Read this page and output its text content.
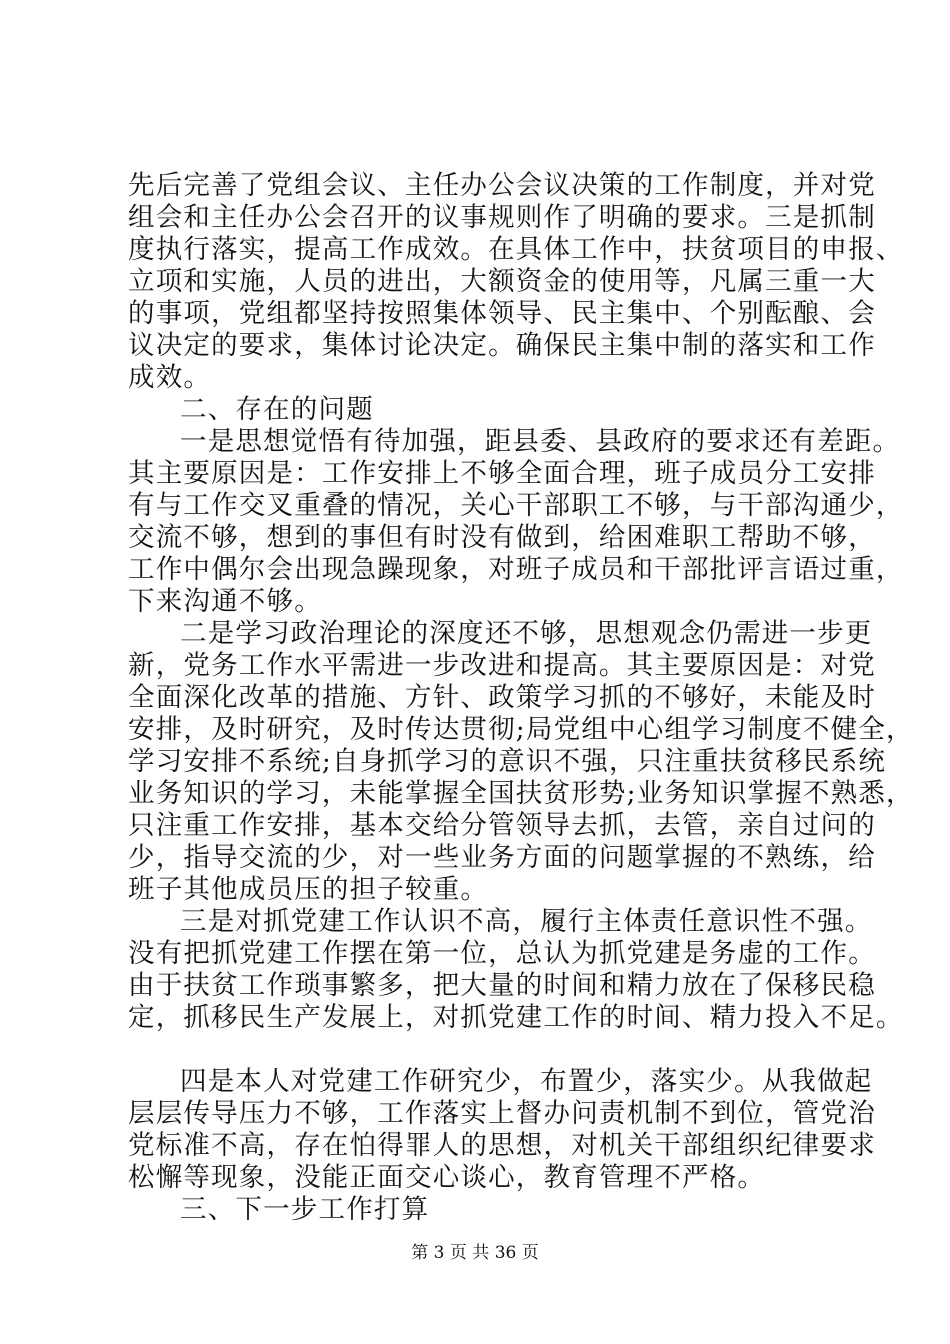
先后完善了党组会议、主任办公会议决策的工作制度，并对党
组会和主任办公会召开的议事规则作了明确的要求。三是抓制
度执行落实，提高工作成效。在具体工作中，扶贫项目的申报、
立项和实施，人员的进出，大额资金的使用等，凡属三重一大
的事项，党组都坚持按照集体领导、民主集中、个别酝酿、会
议决定的要求，集体讨论决定。确保民主集中制的落实和工作
成效。
二、存在的问题
一是思想觉悟有待加强，距县委、县政府的要求还有差距。
其主要原因是：工作安排上不够全面合理，班子成员分工安排
有与工作交叉重叠的情况，关心干部职工不够，与干部沟通少，
交流不够，想到的事但有时没有做到，给困难职工帮助不够，
工作中偶尔会出现急躁现象，对班子成员和干部批评言语过重，
下来沟通不够。
二是学习政治理论的深度还不够，思想观念仍需进一步更
新，党务工作水平需进一步改进和提高。其主要原因是：对党
全面深化改革的措施、方针、政策学习抓的不够好，未能及时
安排，及时研究，及时传达贯彻;局党组中心组学习制度不健全，
学习安排不系统;自身抓学习的意识不强，只注重扶贫移民系统
业务知识的学习，未能掌握全国扶贫形势;业务知识掌握不熟悉，
只注重工作安排，基本交给分管领导去抓，去管，亲自过问的
少，指导交流的少，对一些业务方面的问题掌握的不熟练，给
班子其他成员压的担子较重。
三是对抓党建工作认识不高，履行主体责任意识性不强。
没有把抓党建工作摆在第一位，总认为抓党建是务虚的工作。
由于扶贫工作琐事繁多，把大量的时间和精力放在了保移民稳
定，抓移民生产发展上，对抓党建工作的时间、精力投入不足。
四是本人对党建工作研究少，布置少，落实少。从我做起
层层传导压力不够，工作落实上督办问责机制不到位，管党治
党标准不高，存在怕得罪人的思想，对机关干部组织纪律要求
松懈等现象，没能正面交心谈心，教育管理不严格。
三、下一步工作打算
第 3 页 共 36 页
